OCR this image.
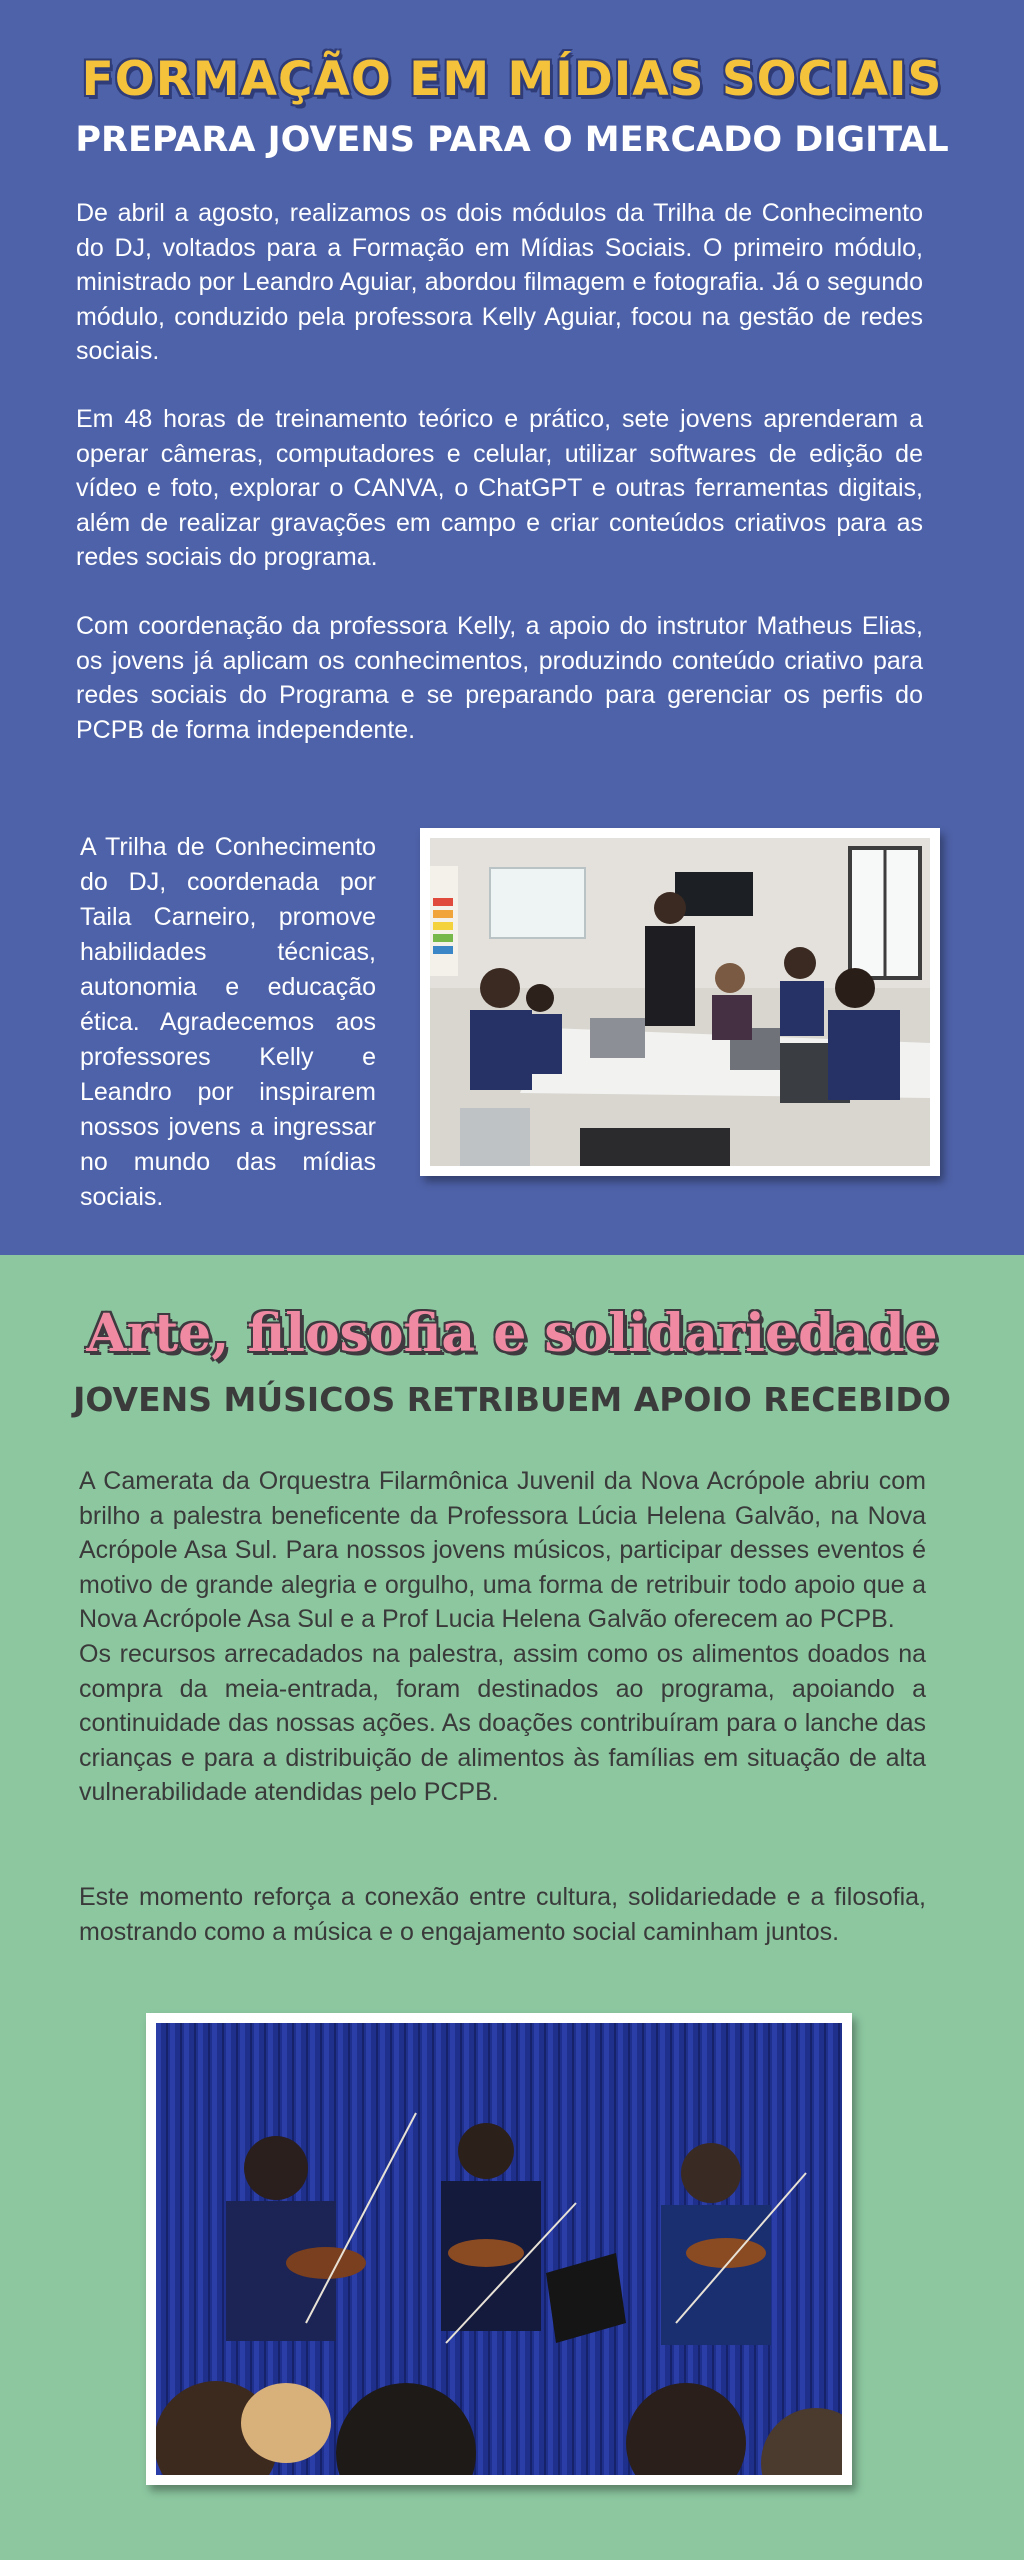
FORMAÇÃO EM MÍDIAS SOCIAIS
PREPARA JOVENS PARA O MERCADO DIGITAL

De abril a agosto, realizamos os dois módulos da Trilha de Conhecimento do DJ, voltados para a Formação em Mídias Sociais. O primeiro módulo, ministrado por Leandro Aguiar, abordou filmagem e fotografia. Já o segundo módulo, conduzido pela professora Kelly Aguiar, focou na gestão de redes sociais.

Em 48 horas de treinamento teórico e prático, sete jovens aprenderam a operar câmeras, computadores e celular, utilizar softwares de edição de vídeo e foto, explorar o CANVA, o ChatGPT e outras ferramentas digitais, além de realizar gravações em campo e criar conteúdos criativos para as redes sociais do programa.

Com coordenação da professora Kelly, a apoio do instrutor Matheus Elias, os jovens já aplicam os conhecimentos, produzindo conteúdo criativo para redes sociais do Programa e se preparando para gerenciar os perfis do PCPB de forma independente.

A Trilha de Conhecimento do DJ, coordenada por Taila Carneiro, promove habilidades técnicas, autonomia e educação ética. Agradecemos aos professores Kelly e Leandro por inspirarem nossos jovens a ingressar no mundo das mídias sociais.

Arte, filosofia e solidariedade
JOVENS MÚSICOS RETRIBUEM APOIO RECEBIDO

A Camerata da Orquestra Filarmônica Juvenil da Nova Acrópole abriu com brilho a palestra beneficente da Professora Lúcia Helena Galvão, na Nova Acrópole Asa Sul. Para nossos jovens músicos, participar desses eventos é motivo de grande alegria e orgulho, uma forma de retribuir todo apoio que a Nova Acrópole Asa Sul e a Prof Lucia Helena Galvão oferecem ao PCPB.

Os recursos arrecadados na palestra, assim como os alimentos doados na compra da meia-entrada, foram destinados ao programa, apoiando a continuidade das nossas ações. As doações contribuíram para o lanche das crianças e para a distribuição de alimentos às famílias em situação de alta vulnerabilidade atendidas pelo PCPB.

Este momento reforça a conexão entre cultura, solidariedade e a filosofia, mostrando como a música e o engajamento social caminham juntos.
